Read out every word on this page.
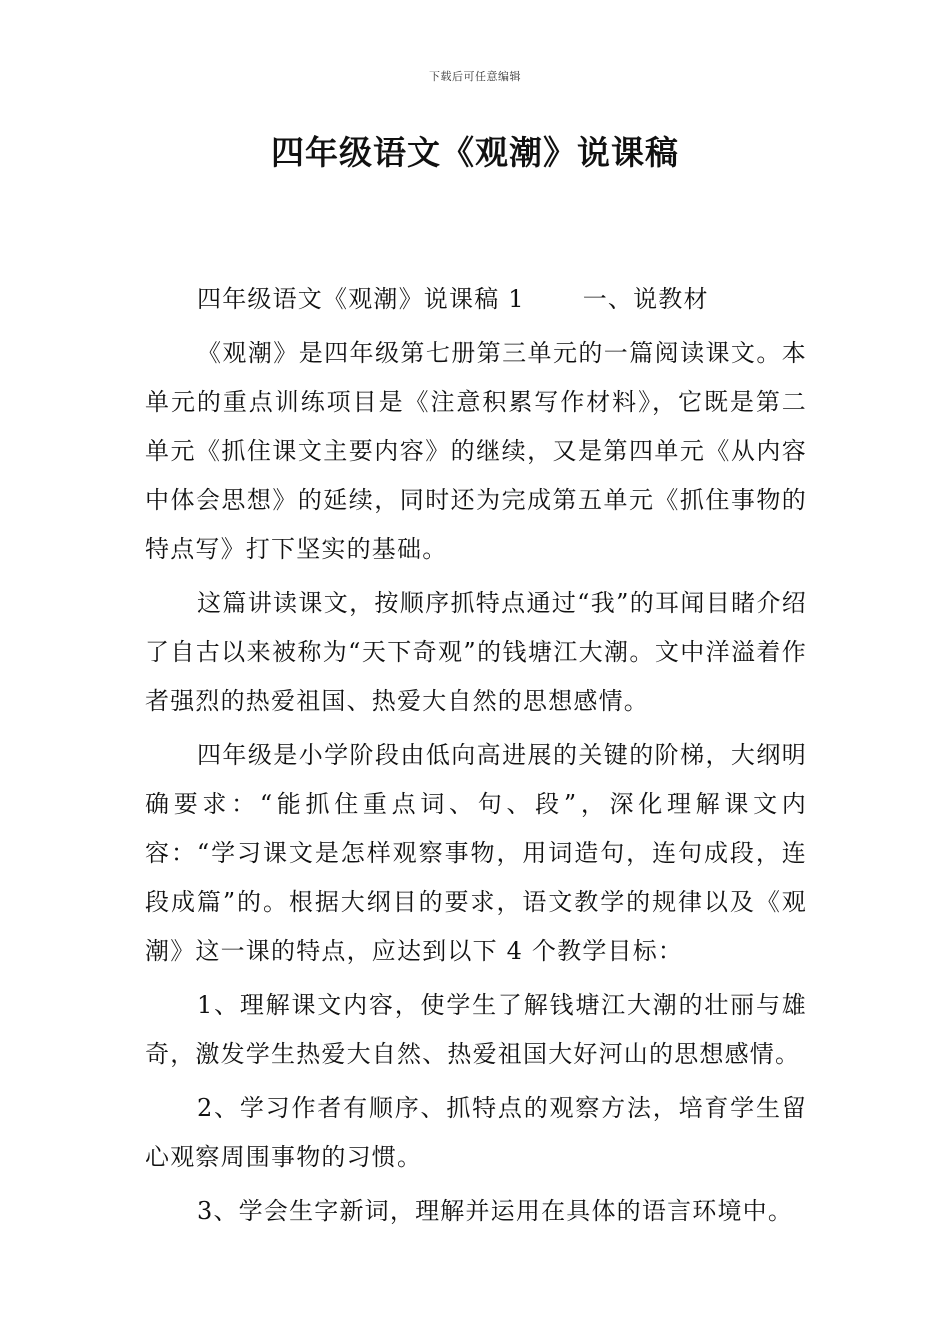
下载后可任意编辑
四年级语文《观潮》说课稿

四年级语文《观潮》说课稿 1 一、说教材

《观潮》是四年级第七册第三单元的一篇阅读课文。本单元的重点训练项目是《注意积累写作材料》，它既是第二单元《抓住课文主要内容》的继续，又是第四单元《从内容中体会思想》的延续，同时还为完成第五单元《抓住事物的特点写》打下坚实的基础。

这篇讲读课文，按顺序抓特点通过“我”的耳闻目睹介绍了自古以来被称为“天下奇观”的钱塘江大潮。文中洋溢着作者强烈的热爱祖国、热爱大自然的思想感情。

四年级是小学阶段由低向高进展的关键的阶梯，大纲明确要求：“能抓住重点词、句、段”，深化理解课文内容：“学习课文是怎样观察事物，用词造句，连句成段，连段成篇”的。根据大纲目的要求，语文教学的规律以及《观潮》这一课的特点，应达到以下 4 个教学目标：

1、理解课文内容，使学生了解钱塘江大潮的壮丽与雄奇，激发学生热爱大自然、热爱祖国大好河山的思想感情。

2、学习作者有顺序、抓特点的观察方法，培育学生留心观察周围事物的习惯。

3、学会生字新词，理解并运用在具体的语言环境中。
